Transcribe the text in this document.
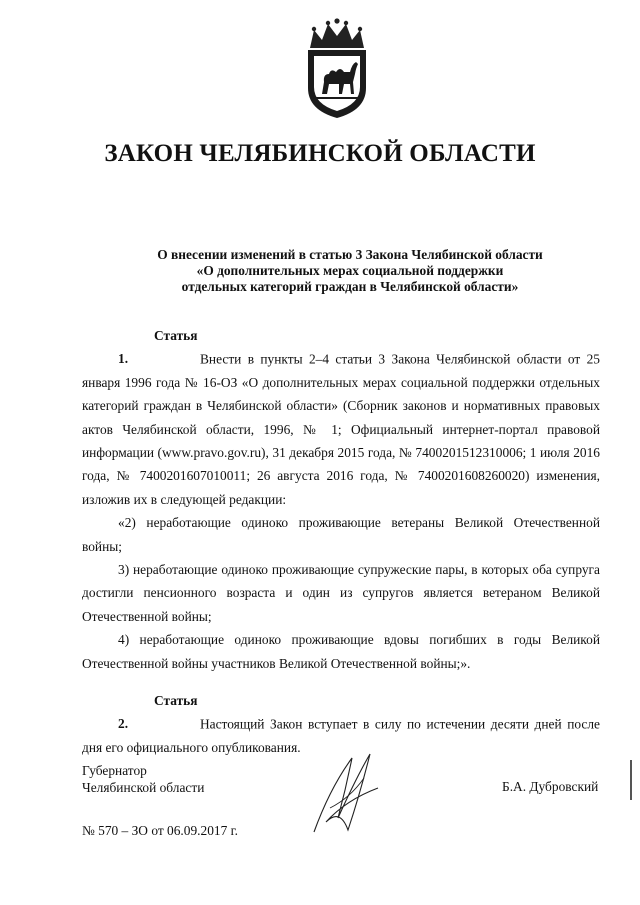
ЗАКОН ЧЕЛЯБИНСКОЙ ОБЛАСТИ
О внесении изменений в статью 3 Закона Челябинской области
«О дополнительных мерах социальной поддержки
отдельных категорий граждан в Челябинской области»

Статья 1.	Внести в пункты 2–4 статьи 3 Закона Челябинской области от 25 января 1996 года № 16-ОЗ «О дополнительных мерах социальной поддержки отдельных категорий граждан в Челябинской области» (Сборник законов и нормативных правовых актов Челябинской области, 1996, № 1; Официальный интернет-портал правовой информации (www.pravo.gov.ru), 31 декабря 2015 года, № 7400201512310006; 1 июля 2016 года, № 7400201607010011; 26 августа 2016 года, № 7400201608260020) изменения, изложив их в следующей редакции:

«2) неработающие одиноко проживающие ветераны Великой Отечественной войны;

3) неработающие одиноко проживающие супружеские пары, в которых оба супруга достигли пенсионного возраста и один из супругов является ветераном Великой Отечественной войны;

4) неработающие одиноко проживающие вдовы погибших в годы Великой Отечественной войны участников Великой Отечественной войны;».

Статья 2.	Настоящий Закон вступает в силу по истечении десяти дней после дня его официального опубликования.

Губернатор
Челябинской области	Б.А. Дубровский
№ 570 – ЗО от 06.09.2017 г.
